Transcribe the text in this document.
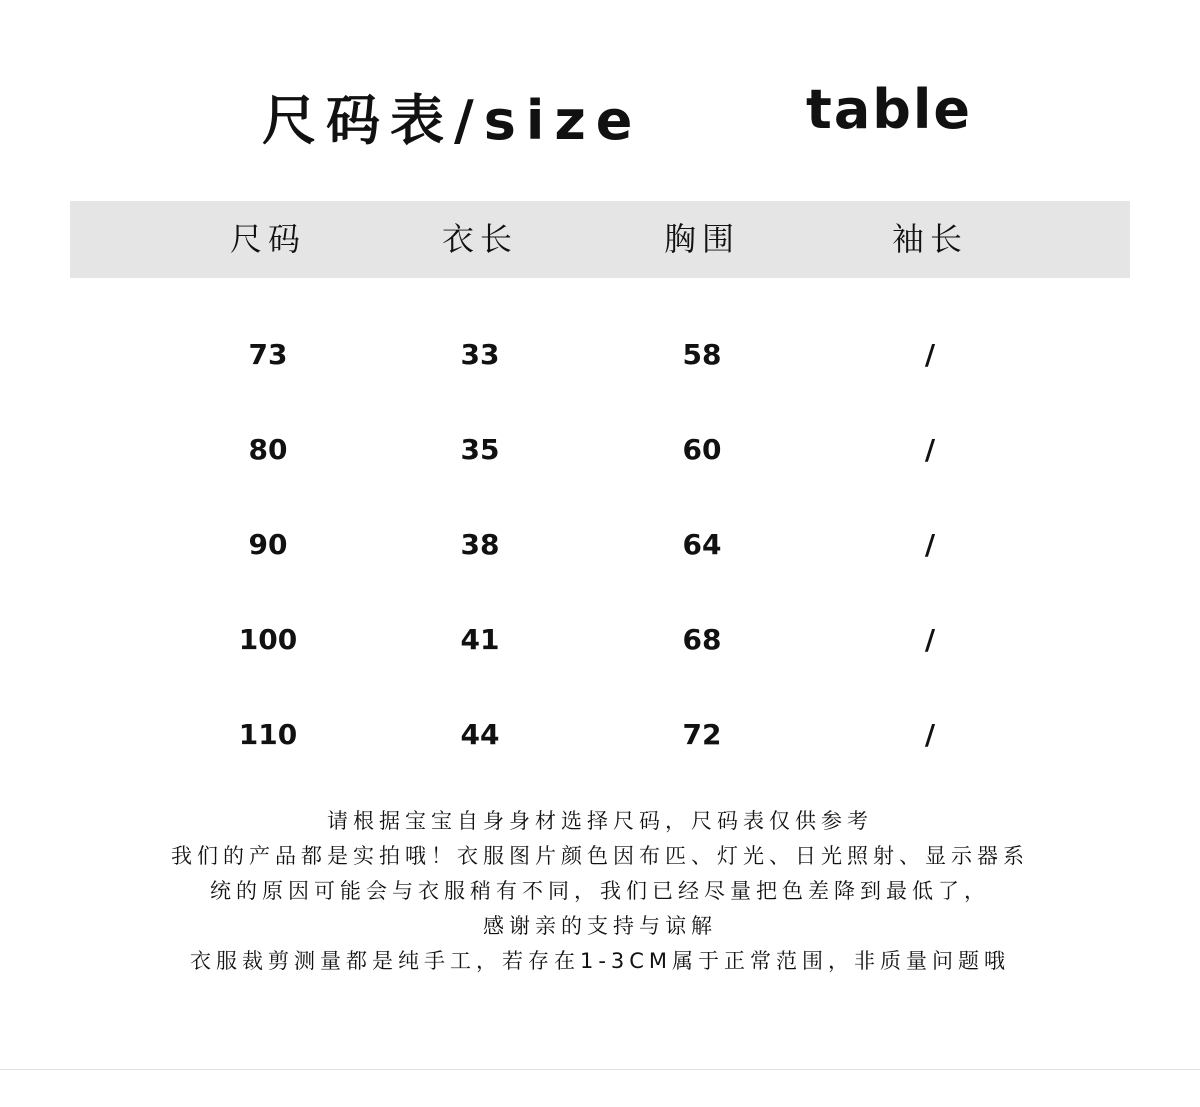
尺码表/size	table
尺码	衣长	胸围	袖长
73	33	58	/
80	35	60	/
90	38	64	/
100	41	68	/
110	44	72	/
请根据宝宝自身身材选择尺码，尺码表仅供参考
我们的产品都是实拍哦！衣服图片颜色因布匹、灯光、日光照射、显示器系
统的原因可能会与衣服稍有不同，我们已经尽量把色差降到最低了，
感谢亲的支持与谅解
衣服裁剪测量都是纯手工，若存在1-3CM属于正常范围，非质量问题哦
